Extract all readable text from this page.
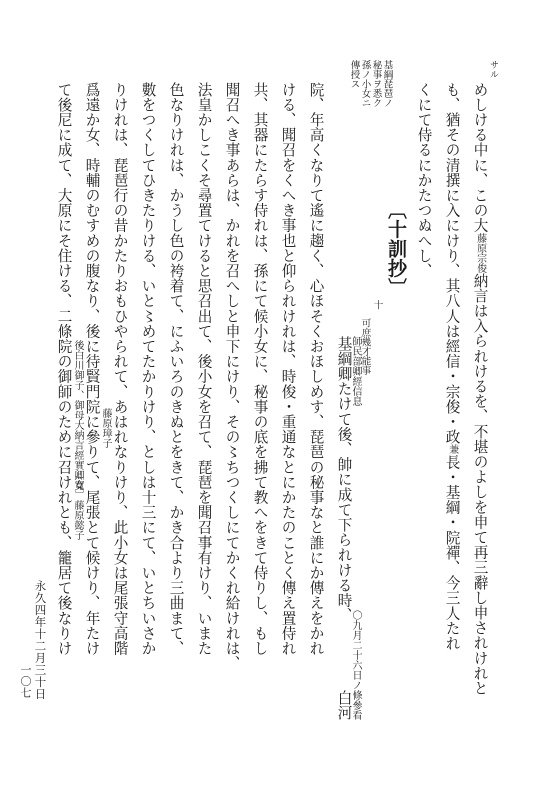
サル
基綱琵琶ノ
秘事ヲ悉ク
孫ノ小女ニ
傳授ス
めしける中に、この大藤原宗俊納言は入られけるを、不堪のよしを申て再三辭し申されけれと
も、猶その清撰に入にけり、其八人は經信・宗俊・政兼長・基綱・院禪、今三人たれ
くにて侍るにかたつぬへし、
〔十訓抄〕
十
可庶幾才能事
師民部卿經信息
基綱卿たけて後、帥に成て下られける時、
〇九月二十六日ノ條參看
白河
院、年高くなりて遙に趨く、心ほそくおほしめす、琵琶の秘事なと誰にか傳えをかれ
ける、聞召をくへき事也と仰られけれは、時俊・重通なとにかたのことく傳え置侍れ
共、其器にたらす侍れは、孫にて候小女に、秘事の底を拂て教へをきて侍りし、もし
聞召へき事あらは、かれを召へしと申下にけり、その〻ちつくしにてかくれ給けれは、
法皇かしこくそ尋置てけると思召出て、後小女を召て、琵琶を聞召事有けり、いまた
色なりけれは、かうし色の袴着て、にふいろのきぬとをきて、かき合より三曲まて、
數をつくしてひきたりける、いと〻めてたかりけり、としは十三にて、いとちいさか
りけれは、琵琶行の昔かたりおもひやられて、あはれなりけり、此小女は尾張守高階
藤原璋子
爲遠か女、時輔のむすめの腹なり、後に待賢門院に參りて、尾張とて候けり、年たけ
〔寛〕藤原懿子
後白川御子、御母大納言經實卿女
て後尼に成て、大原にそ住ける、二條院の御師のために召けれとも、籠居て後なりけ
永久四年十二月三十日
一〇七
